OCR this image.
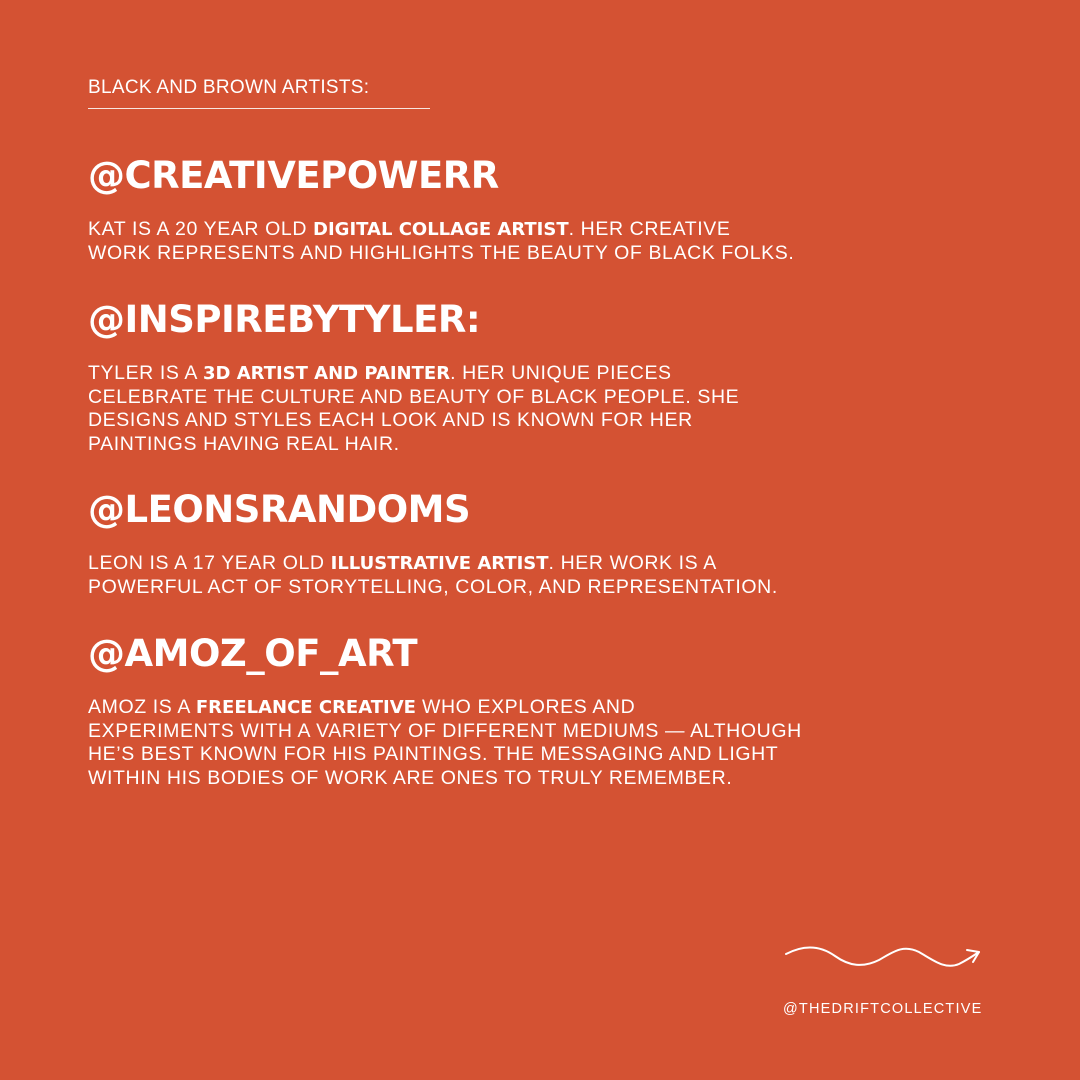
BLACK AND BROWN ARTISTS:
@CREATIVEPOWERR
KAT IS A 20 YEAR OLD DIGITAL COLLAGE ARTIST. HER CREATIVE
WORK REPRESENTS AND HIGHLIGHTS THE BEAUTY OF BLACK FOLKS.
@INSPIREBYTYLER:
TYLER IS A 3D ARTIST AND PAINTER. HER UNIQUE PIECES
CELEBRATE THE CULTURE AND BEAUTY OF BLACK PEOPLE. SHE
DESIGNS AND STYLES EACH LOOK AND IS KNOWN FOR HER
PAINTINGS HAVING REAL HAIR.
@LEONSRANDOMS
LEON IS A 17 YEAR OLD ILLUSTRATIVE ARTIST. HER WORK IS A
POWERFUL ACT OF STORYTELLING, COLOR, AND REPRESENTATION.
@AMOZ_OF_ART
AMOZ IS A FREELANCE CREATIVE WHO EXPLORES AND
EXPERIMENTS WITH A VARIETY OF DIFFERENT MEDIUMS — ALTHOUGH
HE’S BEST KNOWN FOR HIS PAINTINGS. THE MESSAGING AND LIGHT
WITHIN HIS BODIES OF WORK ARE ONES TO TRULY REMEMBER.
@THEDRIFTCOLLECTIVE
